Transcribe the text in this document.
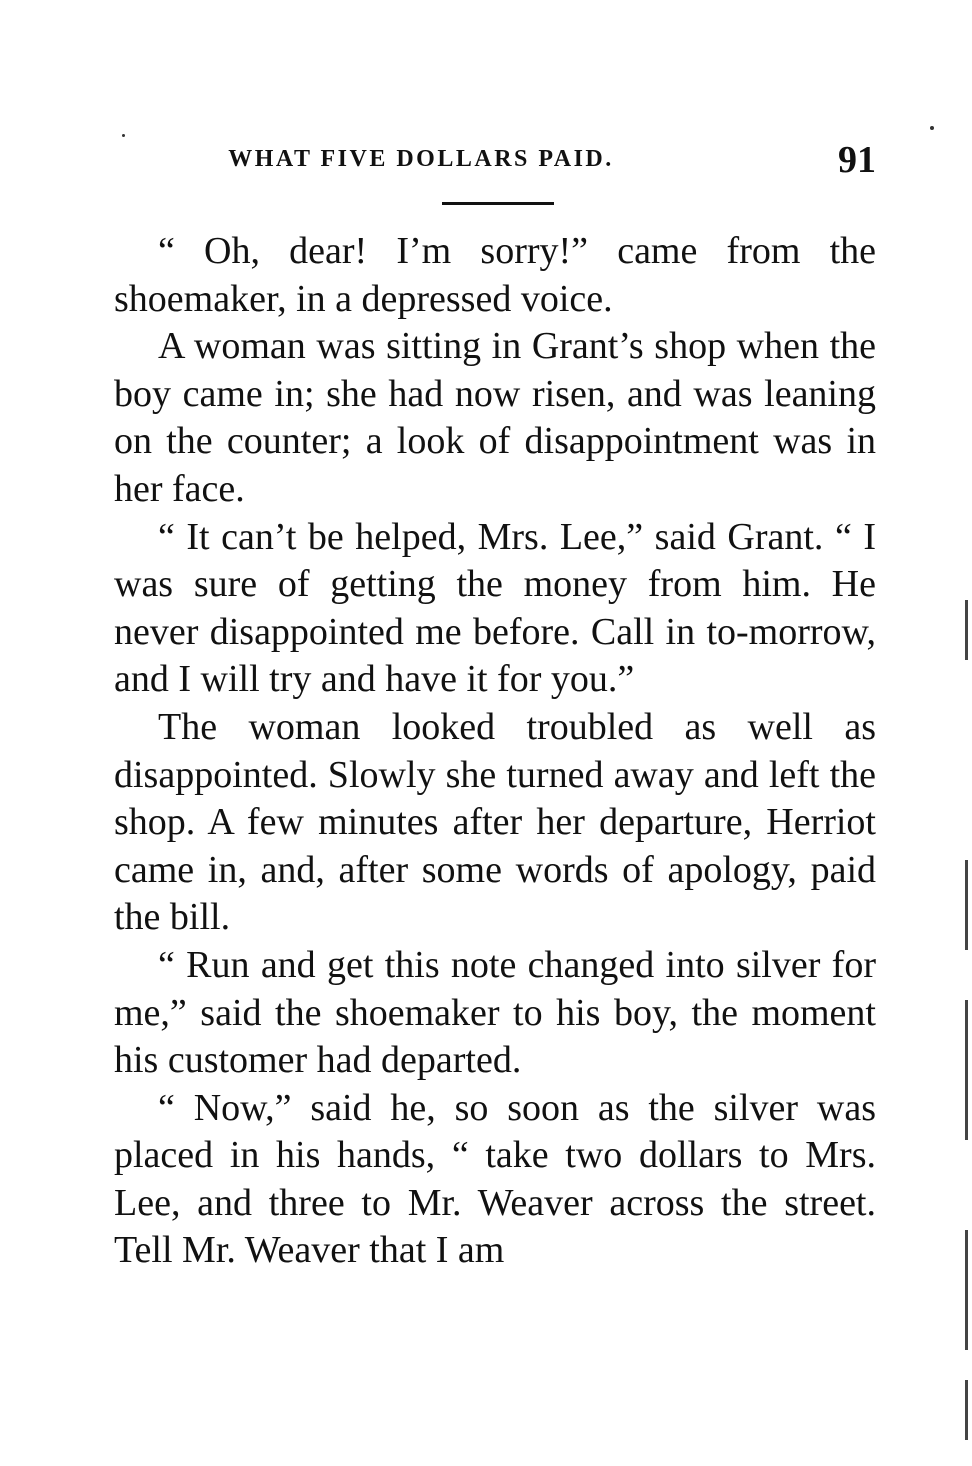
WHAT FIVE DOLLARS PAID.	91

“ Oh, dear! I’m sorry!” came from the shoemaker, in a depressed voice.

A woman was sitting in Grant’s shop when the boy came in; she had now risen, and was leaning on the counter; a look of disappointment was in her face.

“ It can’t be helped, Mrs. Lee,” said Grant. “ I was sure of getting the money from him. He never disappointed me before. Call in to-morrow, and I will try and have it for you.”

The woman looked troubled as well as disappointed. Slowly she turned away and left the shop. A few minutes after her departure, Herriot came in, and, after some words of apology, paid the bill.

“ Run and get this note changed into silver for me,” said the shoemaker to his boy, the moment his customer had departed.

“ Now,” said he, so soon as the silver was placed in his hands, “ take two dollars to Mrs. Lee, and three to Mr. Weaver across the street. Tell Mr. Weaver that I am
